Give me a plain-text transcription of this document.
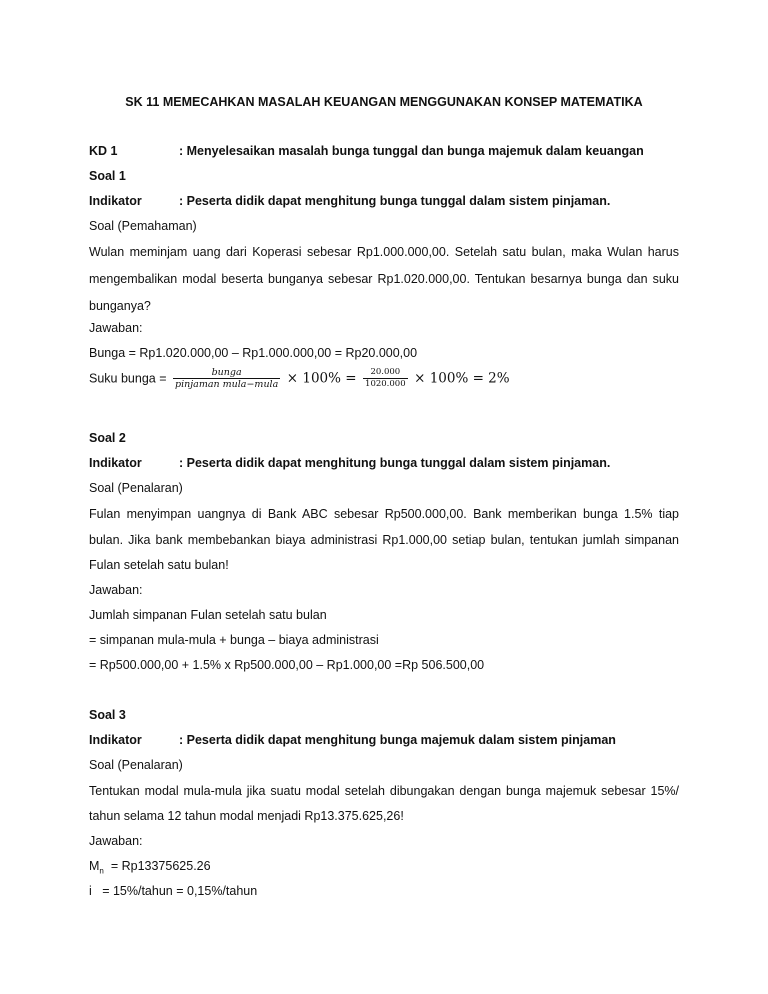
SK 11 MEMECAHKAN MASALAH KEUANGAN MENGGUNAKAN KONSEP MATEMATIKA
KD 1	: Menyelesaikan masalah bunga tunggal dan bunga majemuk dalam keuangan
Soal 1
Indikator	: Peserta didik dapat menghitung bunga tunggal dalam sistem pinjaman.
Soal (Pemahaman)
Wulan meminjam uang dari Koperasi sebesar Rp1.000.000,00. Setelah satu bulan, maka Wulan harus
mengembalikan modal beserta bunganya sebesar Rp1.020.000,00. Tentukan besarnya bunga dan suku
bunganya?
Jawaban:
Bunga = Rp1.020.000,00 – Rp1.000.000,00 = Rp20.000,00
Suku bunga = $\frac{\text{bunga}}{\text{pinjaman mula−mula}} \times 100\% = \frac{20.000}{1020.000} \times 100\% = 2\%$
Soal 2
Indikator	: Peserta didik dapat menghitung bunga tunggal dalam sistem pinjaman.
Soal (Penalaran)
Fulan menyimpan uangnya di Bank ABC sebesar Rp500.000,00. Bank memberikan bunga 1.5% tiap
bulan. Jika bank membebankan biaya administrasi Rp1.000,00 setiap bulan, tentukan jumlah simpanan
Fulan setelah satu bulan!
Jawaban:
Jumlah simpanan Fulan setelah satu bulan
= simpanan mula-mula + bunga – biaya administrasi
= Rp500.000,00 + 1.5% x Rp500.000,00 – Rp1.000,00 =Rp 506.500,00
Soal 3
Indikator	: Peserta didik dapat menghitung bunga majemuk dalam sistem pinjaman
Soal (Penalaran)
Tentukan modal mula-mula jika suatu modal setelah dibungakan dengan bunga majemuk sebesar 15%/
tahun selama 12 tahun modal menjadi Rp13.375.625,26!
Jawaban:
$M_n = Rp13375625.26$
i   = 15%/tahun = 0,15%/tahun
